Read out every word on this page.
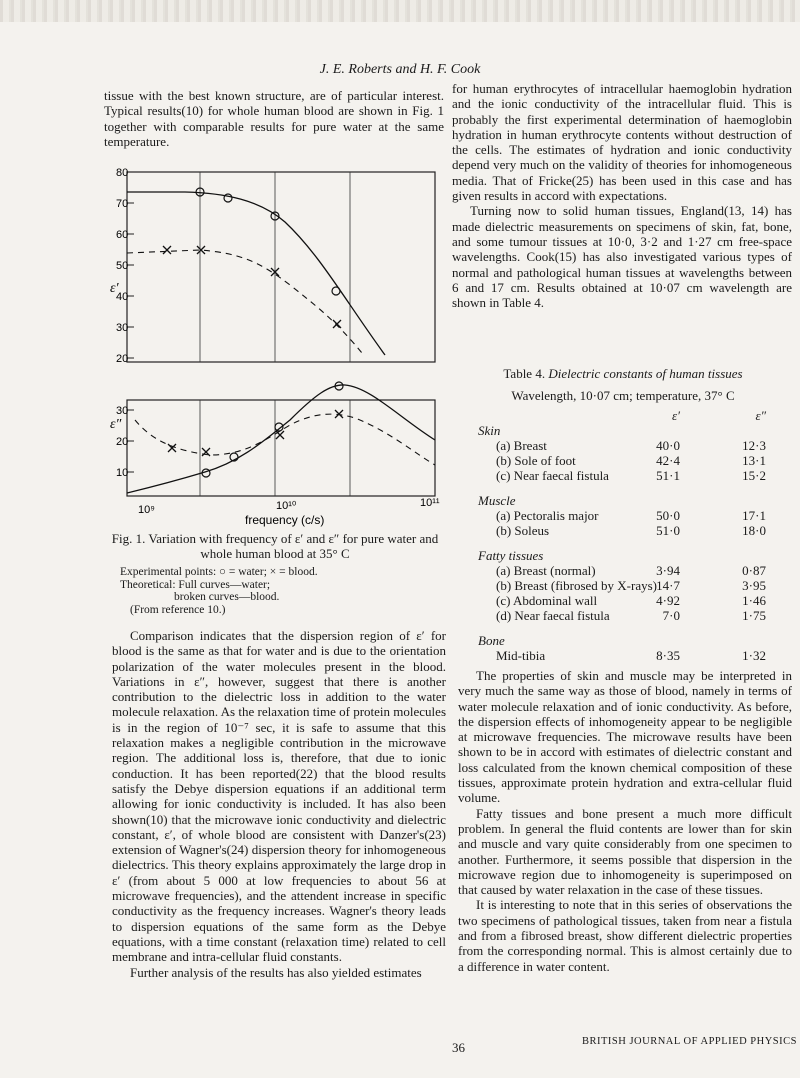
J. E. Roberts and H. F. Cook

tissue with the best known structure, are of particular interest. Typical results(10) for whole human blood are shown in Fig. 1 together with comparable results for pure water at the same temperature.

80
70
60
50
40
30
20
30
20
10
ε′
ε″
10⁹	10¹⁰	10¹¹
frequency (c/s)
Fig. 1. Variation with frequency of ε′ and ε″ for pure water and whole human blood at 35° C
Experimental points: ○ = water; × = blood.
Theoretical: Full curves—water;
broken curves—blood.
(From reference 10.)

Comparison indicates that the dispersion region of ε′ for blood is the same as that for water and is due to the orientation polarization of the water molecules present in the blood. Variations in ε″, however, suggest that there is another contribution to the dielectric loss in addition to the water molecule relaxation. As the relaxation time of protein molecules is in the region of 10⁻⁷ sec, it is safe to assume that this relaxation makes a negligible contribution in the microwave region. The additional loss is, therefore, that due to ionic conduction. It has been reported(22) that the blood results satisfy the Debye dispersion equations if an additional term allowing for ionic conductivity is included. It has also been shown(10) that the microwave ionic conductivity and dielectric constant, ε′, of whole blood are consistent with Danzer's(23) extension of Wagner's(24) dispersion theory for inhomogeneous dielectrics. This theory explains approximately the large drop in ε′ (from about 5 000 at low frequencies to about 56 at microwave frequencies), and the attendent increase in specific conductivity as the frequency increases. Wagner's theory leads to dispersion equations of the same form as the Debye equations, with a time constant (relaxation time) related to cell membrane and intra-cellular fluid constants.

Further analysis of the results has also yielded estimates

for human erythrocytes of intracellular haemoglobin hydration and the ionic conductivity of the intracellular fluid. This is probably the first experimental determination of haemoglobin hydration in human erythrocyte contents without destruction of the cells. The estimates of hydration and ionic conductivity depend very much on the validity of theories for inhomogeneous media. That of Fricke(25) has been used in this case and has given results in accord with expectations.

Turning now to solid human tissues, England(13, 14) has made dielectric measurements on specimens of skin, fat, bone, and some tumour tissues at 10·0, 3·2 and 1·27 cm free-space wavelengths. Cook(15) has also investigated various types of normal and pathological human tissues at wavelengths between 6 and 17 cm. Results obtained at 10·07 cm wavelength are shown in Table 4.

Table 4. Dielectric constants of human tissues
Wavelength, 10·07 cm; temperature, 37° C
ε′	ε″
Skin
(a) Breast	40·0	12·3
(b) Sole of foot	42·4	13·1
(c) Near faecal fistula	51·1	15·2
Muscle
(a) Pectoralis major	50·0	17·1
(b) Soleus	51·0	18·0
Fatty tissues
(a) Breast (normal)	3·94	0·87
(b) Breast (fibrosed by X-rays) 14·7	3·95
(c) Abdominal wall	4·92	1·46
(d) Near faecal fistula	7·0	1·75
Bone
Mid-tibia	8·35	1·32

The properties of skin and muscle may be interpreted in very much the same way as those of blood, namely in terms of water molecule relaxation and of ionic conductivity. As before, the dispersion effects of inhomogeneity appear to be negligible at microwave frequencies. The microwave results have been shown to be in accord with estimates of dielectric constant and loss calculated from the known chemical composition of these tissues, approximate protein hydration and extra-cellular fluid volume.

Fatty tissues and bone present a much more difficult problem. In general the fluid contents are lower than for skin and muscle and vary quite considerably from one specimen to another. Furthermore, it seems possible that dispersion in the microwave region due to inhomogeneity is superimposed on that caused by water relaxation in the case of these tissues.

It is interesting to note that in this series of observations the two specimens of pathological tissues, taken from near a fistula and from a fibrosed breast, show different dielectric properties from the corresponding normal. This is almost certainly due to a difference in water content.

36	BRITISH JOURNAL OF APPLIED PHYSICS
